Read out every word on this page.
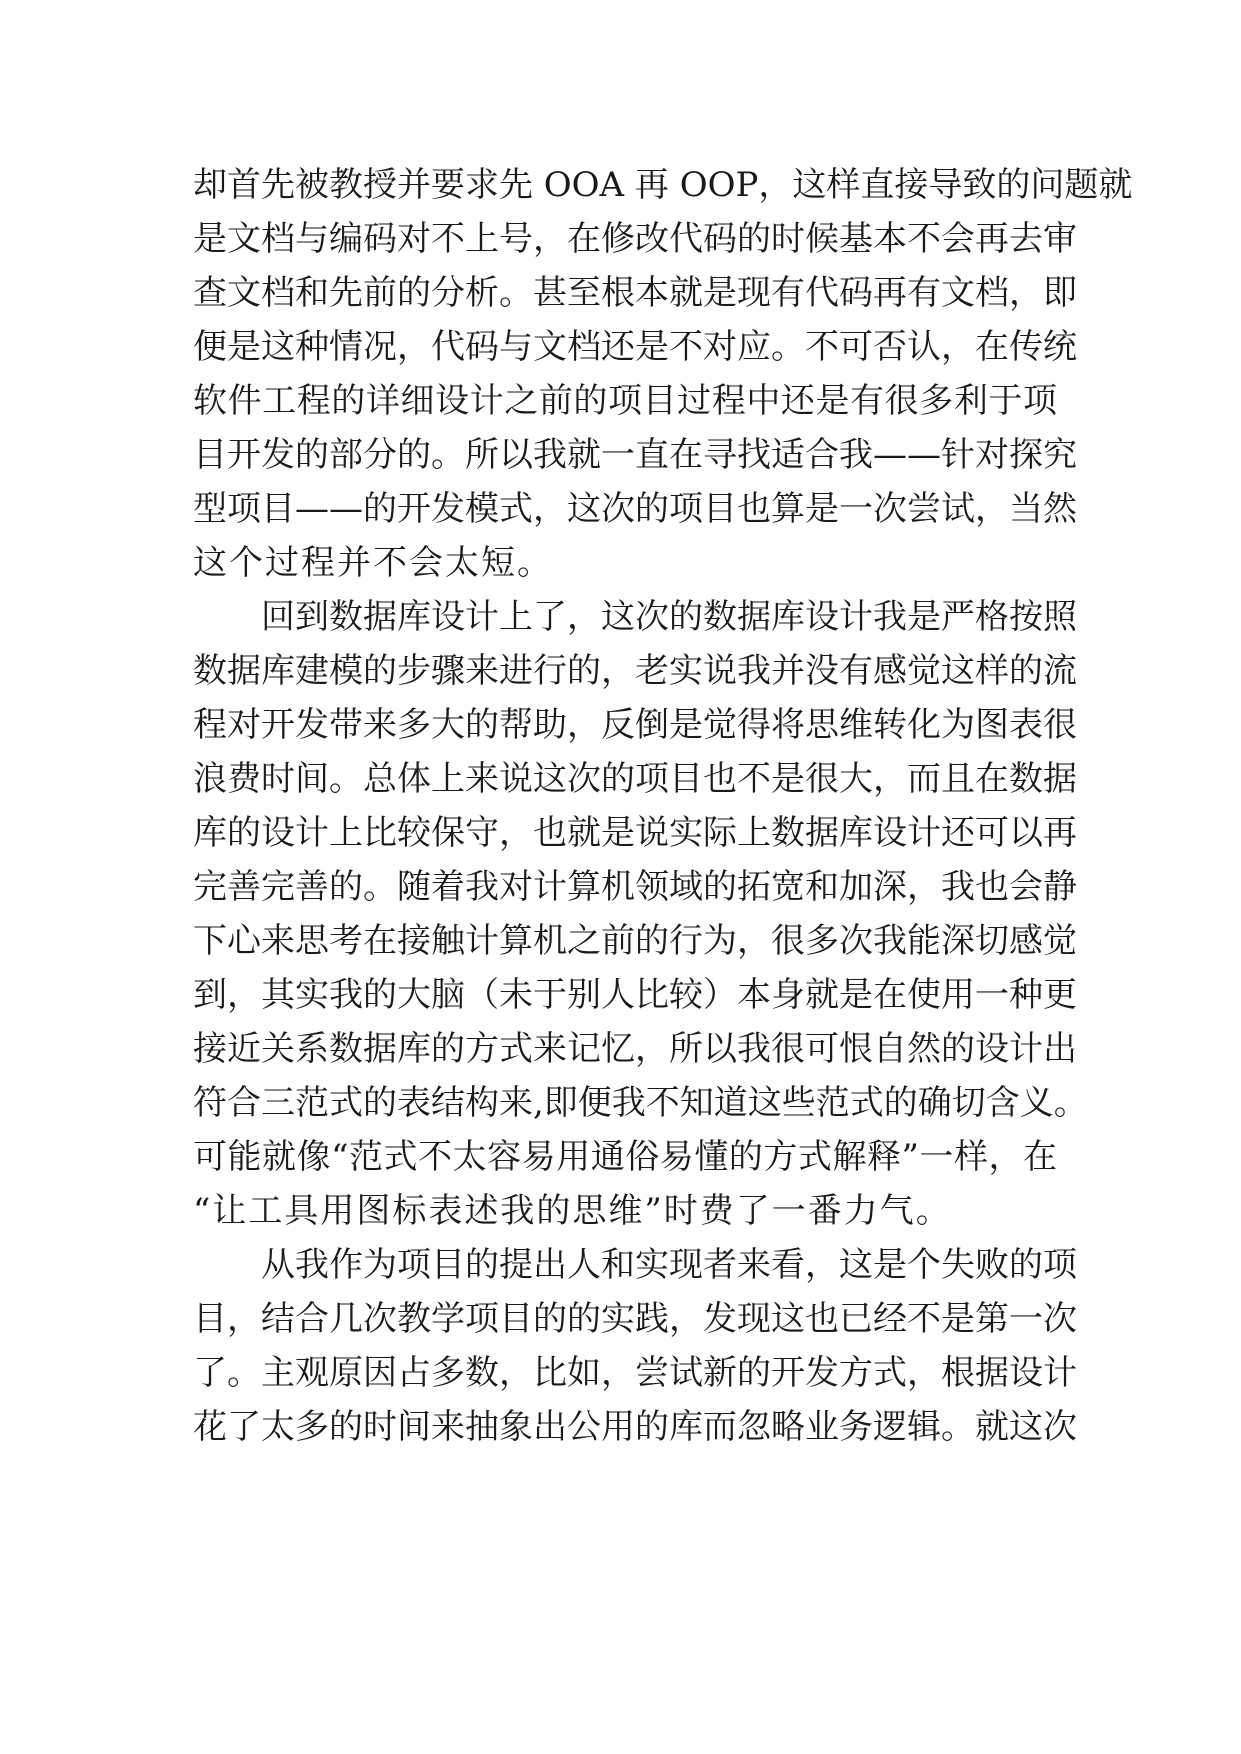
却首先被教授并要求先 OOA 再 OOP，这样直接导致的问题就
是文档与编码对不上号，在修改代码的时候基本不会再去审
查文档和先前的分析。甚至根本就是现有代码再有文档，即
便是这种情况，代码与文档还是不对应。不可否认，在传统
软件工程的详细设计之前的项目过程中还是有很多利于项
目开发的部分的。所以我就一直在寻找适合我——针对探究
型项目——的开发模式，这次的项目也算是一次尝试，当然
这个过程并不会太短。
回到数据库设计上了，这次的数据库设计我是严格按照
数据库建模的步骤来进行的，老实说我并没有感觉这样的流
程对开发带来多大的帮助，反倒是觉得将思维转化为图表很
浪费时间。总体上来说这次的项目也不是很大，而且在数据
库的设计上比较保守，也就是说实际上数据库设计还可以再
完善完善的。随着我对计算机领域的拓宽和加深，我也会静
下心来思考在接触计算机之前的行为，很多次我能深切感觉
到，其实我的大脑（未于别人比较）本身就是在使用一种更
接近关系数据库的方式来记忆，所以我很可恨自然的设计出
符合三范式的表结构来,即便我不知道这些范式的确切含义。
可能就像“范式不太容易用通俗易懂的方式解释”一样，在
“让工具用图标表述我的思维”时费了一番力气。
从我作为项目的提出人和实现者来看，这是个失败的项
目，结合几次教学项目的的实践，发现这也已经不是第一次
了。主观原因占多数，比如，尝试新的开发方式，根据设计
花了太多的时间来抽象出公用的库而忽略业务逻辑。就这次
